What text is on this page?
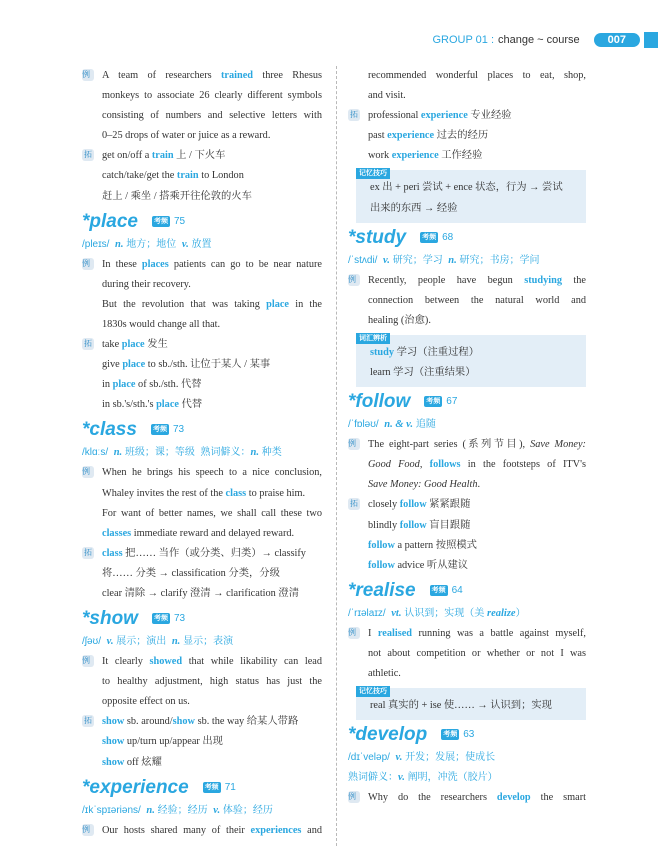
GROUP 01 : change ~ course	007
例 A team of researchers trained three Rhesus
monkeys to associate 26 clearly different symbols
consisting of numbers and selective letters with
0–25 drops of water or juice as a reward.
拓 get on/off a train 上 / 下火车
catch/take/get the train to London
赶上 / 乘坐 / 搭乘开往伦敦的火车
*place 考频 75
/pleɪs/ n. 地方；地位 v. 放置
例 In these places patients can go to be near nature
during their recovery.
But the revolution that was taking place in the
1830s would change all that.
拓 take place 发生
give place to sb./sth. 让位于某人 / 某事
in place of sb./sth. 代替
in sb.'s/sth.'s place 代替
*class 考频 73
/klɑːs/ n. 班级；课；等级 熟词僻义：n. 种类
例 When he brings his speech to a nice conclusion,
Whaley invites the rest of the class to praise him.
For want of better names, we shall call these two
classes immediate reward and delayed reward.
拓 class 把…… 当作（或分类、归类）→ classify
将…… 分类 → classification 分类，分级
clear 清除 → clarify 澄清 → clarification 澄清
*show 考频 73
/ʃəʊ/ v. 展示；演出 n. 显示；表演
例 It clearly showed that while likability can lead
to healthy adjustment, high status has just the
opposite effect on us.
拓 show sb. around/show sb. the way 给某人带路
show up/turn up/appear 出现
show off 炫耀
*experience 考频 71
/ɪkˈspɪəriəns/ n. 经验；经历 v. 体验；经历
例 Our hosts shared many of their experiences and
recommended wonderful places to eat, shop,
and visit.
拓 professional experience 专业经验
past experience 过去的经历
work experience 工作经验
记忆技巧
ex 出 + peri 尝试 + ence 状态，行为 → 尝试
出来的东西 → 经验
*study 考频 68
/ˈstʌdi/ v. 研究；学习 n. 研究；书房；学问
例 Recently, people have begun studying the
connection between the natural world and
healing (治愈).
词汇辨析
study 学习（注重过程）
learn 学习（注重结果）
*follow 考频 67
/ˈfɒləʊ/ n. & v. 追随
例 The eight-part series (系列节目), Save Money:
Good Food, follows in the footsteps of ITV's
Save Money: Good Health.
拓 closely follow 紧紧跟随
blindly follow 盲目跟随
follow a pattern 按照模式
follow advice 听从建议
*realise 考频 64
/ˈrɪəlaɪz/ vt. 认识到；实现（美 realize）
例 I realised running was a battle against myself,
not about competition or whether or not I was
athletic.
记忆技巧
real 真实的 + ise 使…… → 认识到；实现
*develop 考频 63
/dɪˈveləp/ v. 开发；发展；使成长
熟词僻义：v. 阐明，冲洗（胶片）
例 Why do the researchers develop the smart
